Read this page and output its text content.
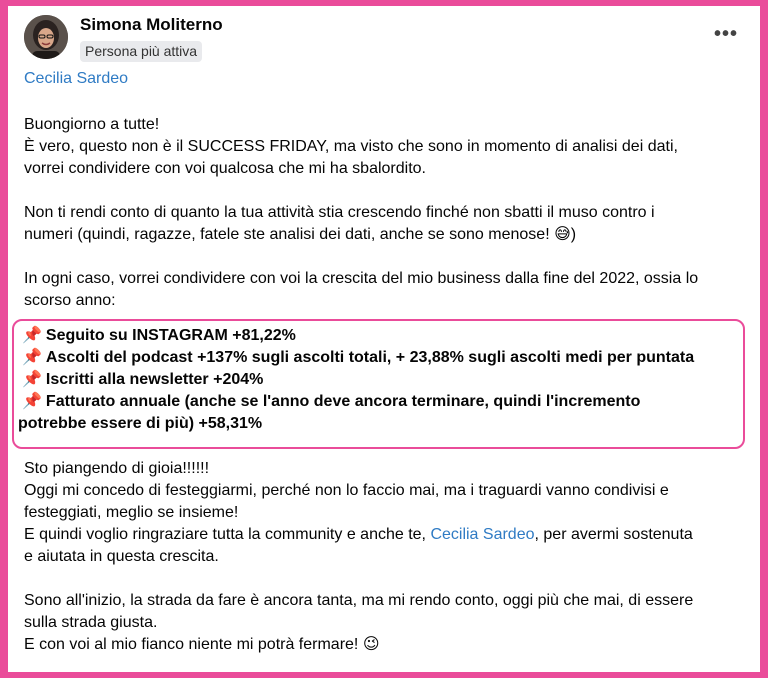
Simona Moliterno
Persona più attiva
•••
Cecilia Sardeo

Buongiorno a tutte!

È vero, questo non è il SUCCESS FRIDAY, ma visto che sono in momento di analisi dei dati,

vorrei condividere con voi qualcosa che mi ha sbalordito.

Non ti rendi conto di quanto la tua attività stia crescendo finché non sbatti il muso contro i

numeri (quindi, ragazze, fatele ste analisi dei dati, anche se sono menose! 😅)

In ogni caso, vorrei condividere con voi la crescita del mio business dalla fine del 2022, ossia lo

scorso anno:

📌 Seguito su INSTAGRAM +81,22%

📌 Ascolti del podcast +137% sugli ascolti totali, + 23,88% sugli ascolti medi per puntata

📌 Iscritti alla newsletter +204%

📌 Fatturato annuale (anche se l'anno deve ancora terminare, quindi l'incremento

potrebbe essere di più) +58,31%

Sto piangendo di gioia!!!!!!

Oggi mi concedo di festeggiarmi, perché non lo faccio mai, ma i traguardi vanno condivisi e

festeggiati, meglio se insieme!

E quindi voglio ringraziare tutta la community e anche te, Cecilia Sardeo, per avermi sostenuta

e aiutata in questa crescita.

Sono all'inizio, la strada da fare è ancora tanta, ma mi rendo conto, oggi più che mai, di essere

sulla strada giusta.

E con voi al mio fianco niente mi potrà fermare! 😉
